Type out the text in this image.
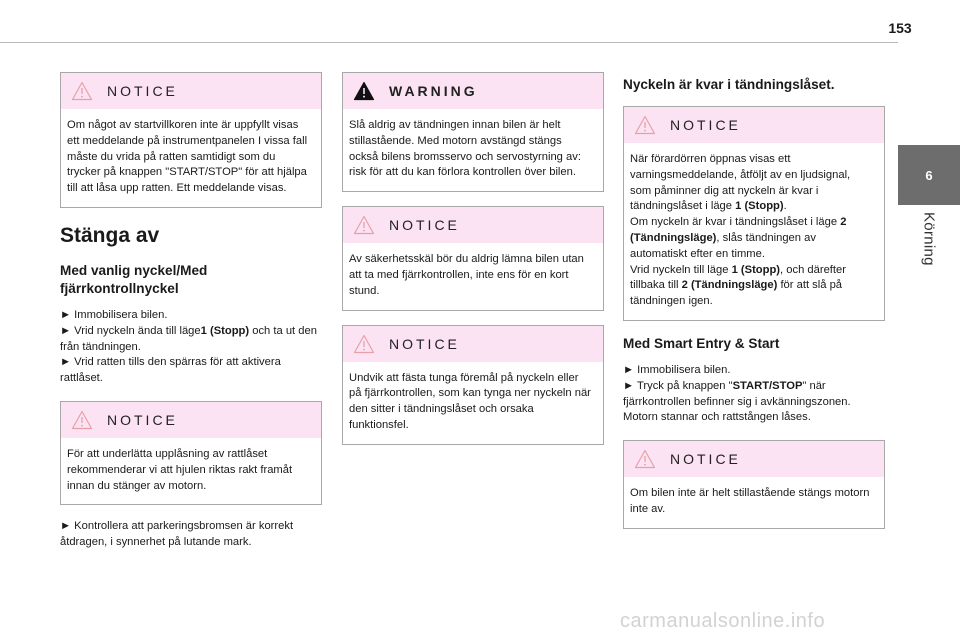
153
6
Körning
NOTICE
Om något av startvillkoren inte är uppfyllt visas ett meddelande på instrumentpanelen I vissa fall måste du vrida på ratten samtidigt som du trycker på knappen "START/STOP" för att hjälpa till att låsa upp ratten. Ett meddelande visas.
Stänga av
Med vanlig nyckel/Med fjärrkontrollnyckel

► Immobilisera bilen.
► Vrid nyckeln ända till läge1 (Stopp) och ta ut den från tändningen.
► Vrid ratten tills den spärras för att aktivera rattlåset.

NOTICE
För att underlätta upplåsning av rattlåset rekommenderar vi att hjulen riktas rakt framåt innan du stänger av motorn.

► Kontrollera att parkeringsbromsen är korrekt åtdragen, i synnerhet på lutande mark.

WARNING
Slå aldrig av tändningen innan bilen är helt stillastående. Med motorn avstängd stängs också bilens bromsservo och servostyrning av: risk för att du kan förlora kontrollen över bilen.
NOTICE
Av säkerhetsskäl bör du aldrig lämna bilen utan att ta med fjärrkontrollen, inte ens för en kort stund.
NOTICE
Undvik att fästa tunga föremål på nyckeln eller på fjärrkontrollen, som kan tynga ner nyckeln när den sitter i tändningslåset och orsaka funktionsfel.
Nyckeln är kvar i tändningslåset.
NOTICE
När förardörren öppnas visas ett varningsmeddelande, åtföljt av en ljudsignal, som påminner dig att nyckeln är kvar i tändningslåset i läge 1 (Stopp).
Om nyckeln är kvar i tändningslåset i läge 2 (Tändningsläge), slås tändningen av automatiskt efter en timme.
Vrid nyckeln till läge 1 (Stopp), och därefter tillbaka till 2 (Tändningsläge) för att slå på tändningen igen.
Med Smart Entry & Start

► Immobilisera bilen.
► Tryck på knappen "START/STOP" när fjärrkontrollen befinner sig i avkänningszonen.
Motorn stannar och rattstången låses.

NOTICE
Om bilen inte är helt stillastående stängs motorn inte av.
carmanualsonline.info
